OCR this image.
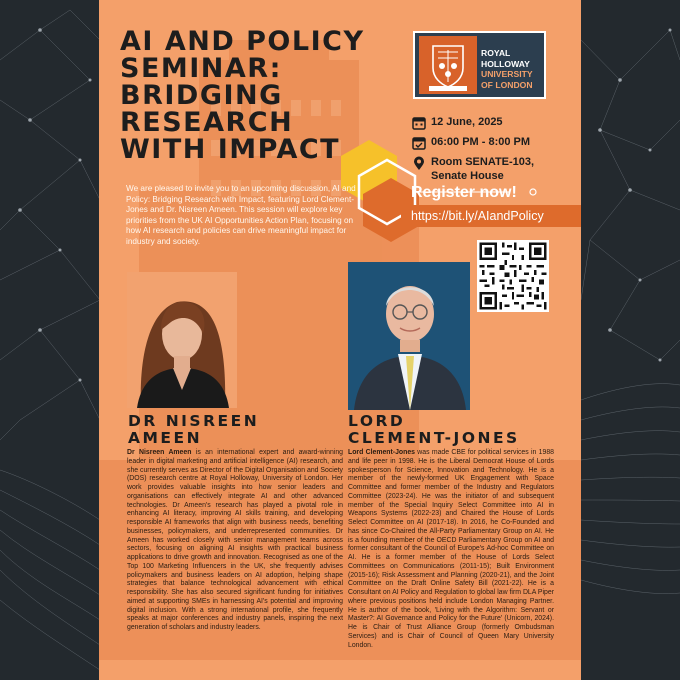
AI AND POLICY
SEMINAR:
BRIDGING
RESEARCH
WITH IMPACT

We are pleased to invite you to an upcoming discussion, AI and Policy: Bridging Research with Impact, featuring Lord Clement-Jones and Dr. Nisreen Ameen. This session will explore key priorities from the UK AI Opportunities Action Plan, focusing on how AI research and policies can drive meaningful impact for industry and society.

ROYAL
HOLLOWAY
UNIVERSITY
OF LONDON
12 June, 2025
06:00 PM - 8:00 PM
Room SENATE-103,
Senate House
Register now!
https://bit.ly/AIandPolicy
DR NISREEN
AMEEN
LORD
CLEMENT-JONES

Dr Nisreen Ameen is an international expert and award-winning leader in digital marketing and artificial intelligence (AI) research, and she currently serves as Director of the Digital Organisation and Society (DOS) research centre at Royal Holloway, University of London. Her work provides valuable insights into how senior leaders and organisations can effectively integrate AI and other advanced technologies. Dr Ameen's research has played a pivotal role in enhancing AI literacy, improving AI skills training, and developing responsible AI frameworks that align with business needs, benefiting businesses, policymakers, and underrepresented communities. Dr Ameen has worked closely with senior management teams across sectors, focusing on aligning AI insights with practical business applications to drive growth and innovation. Recognised as one of the Top 100 Marketing Influencers in the UK, she frequently advises policymakers and business leaders on AI adoption, helping shape strategies that balance technological advancement with ethical responsibility. She has also secured significant funding for initiatives aimed at supporting SMEs in harnessing AI's potential and improving digital inclusion. With a strong international profile, she frequently speaks at major conferences and industry panels, inspiring the next generation of scholars and industry leaders.

Lord Clement-Jones was made CBE for political services in 1988 and life peer in 1998. He is the Liberal Democrat House of Lords spokesperson for Science, Innovation and Technology. He is a member of the newly-formed UK Engagement with Space Committee and former member of the Industry and Regulators Committee (2023-24). He was the initiator of and subsequent member of the Special Inquiry Select Committee into AI in Weapons Systems (2022-23) and Chaired the House of Lords Select Committee on AI (2017-18). In 2016, he Co-Founded and has since Co-Chaired the All-Party Parliamentary Group on AI. He is a founding member of the OECD Parliamentary Group on AI and former consultant of the Council of Europe's Ad-hoc Committee on AI. He is a former member of the House of Lords Select Committees on Communications (2011-15); Built Environment (2015-16); Risk Assessment and Planning (2020-21), and the Joint Committee on the Draft Online Safety Bill (2021-22). He is a Consultant on AI Policy and Regulation to global law firm DLA Piper where previous positions held include London Managing Partner. He is author of the book, 'Living with the Algorithm: Servant or Master?: AI Governance and Policy for the Future' (Unicorn, 2024). He is Chair of Trust Alliance Group (formerly Ombudsman Services) and is Chair of Council of Queen Mary University London.
